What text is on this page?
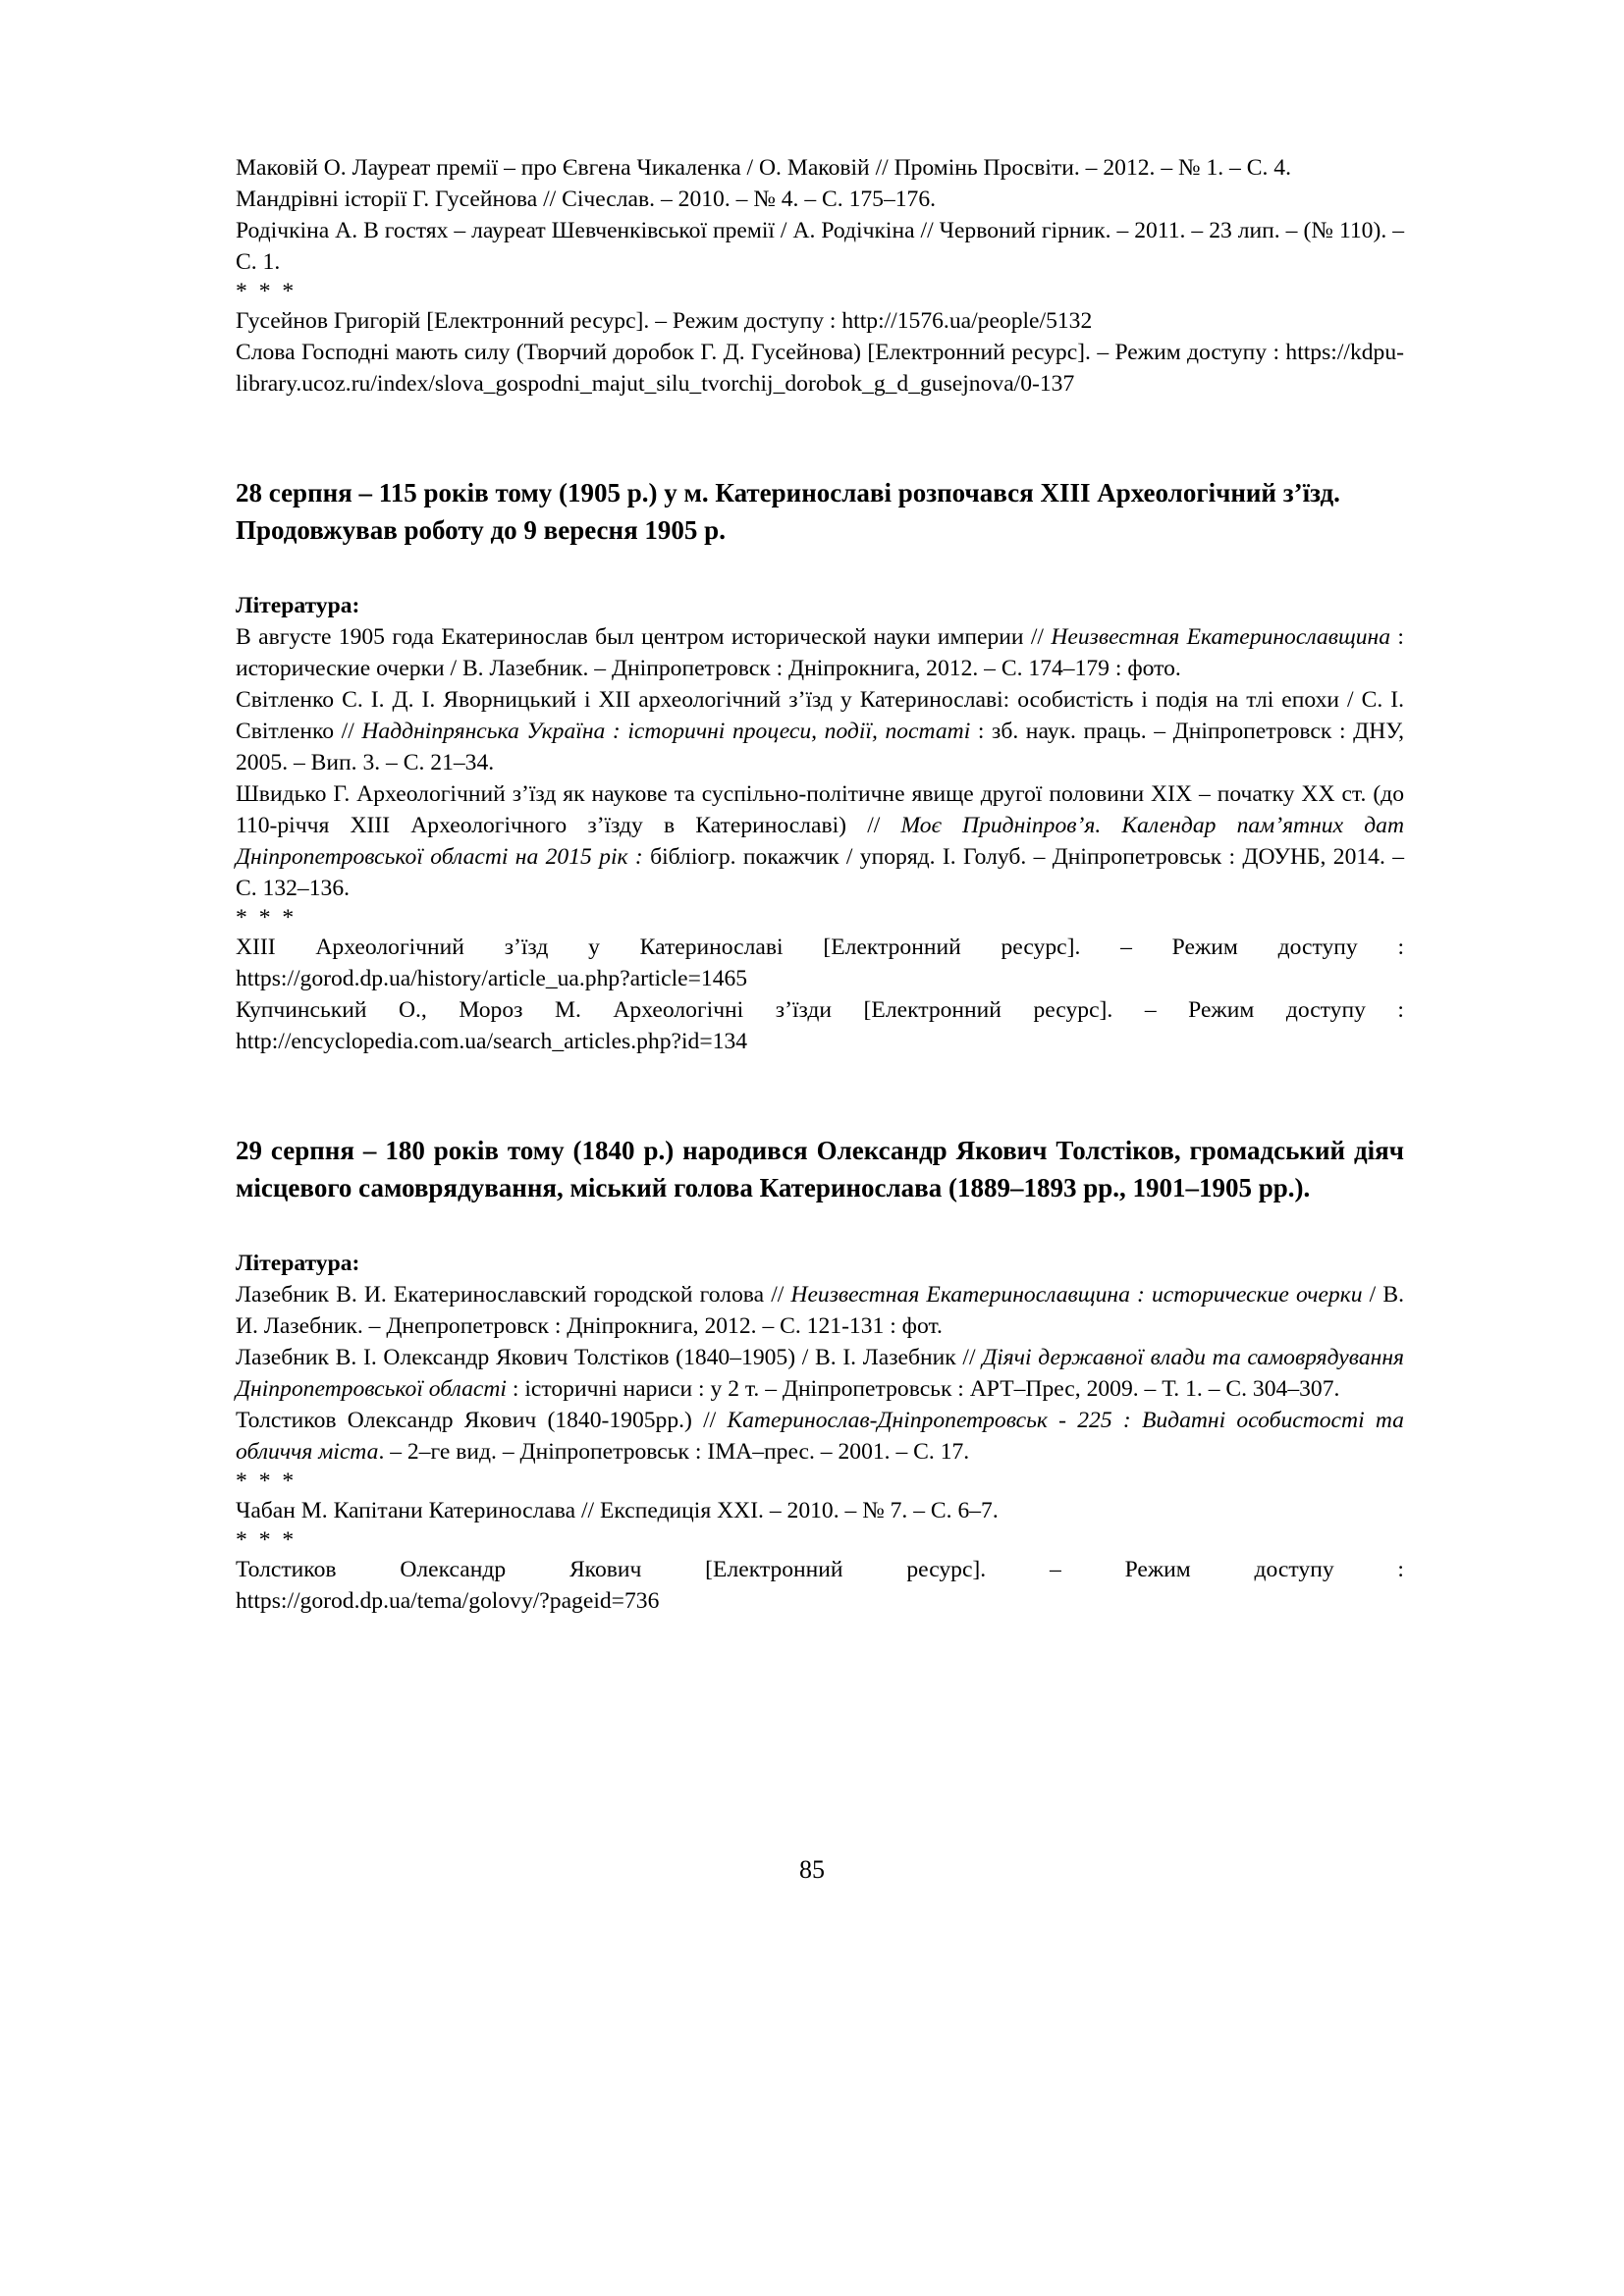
Маковій О. Лауреат премії – про Євгена Чикаленка / О. Маковій // Промінь Просвіти. – 2012. – № 1. – С. 4.

Мандрівні історії Г. Гусейнова // Січеслав. – 2010. – № 4. – С. 175–176.

Родічкіна А. В гостях – лауреат Шевченківської премії / А. Родічкіна // Червоний гірник. – 2011. – 23 лип. – (№ 110). – С. 1.

* * *

Гусейнов Григорій [Електронний ресурс]. – Режим доступу : http://1576.ua/people/5132

Слова Господні мають силу (Творчий доробок Г. Д. Гусейнова) [Електронний ресурс]. – Режим доступу : https://kdpu-library.ucoz.ru/index/slova_gospodni_majut_silu_tvorchij_dorobok_g_d_gusejnova/0-137

28 серпня – 115 років тому (1905 р.) у м. Катеринославі розпочався ХІІІ Археологічний з’їзд. Продовжував роботу до 9 вересня 1905 р.

Література:

В августе 1905 года Екатеринослав был центром исторической науки империи // Неизвестная Екатеринославщина : исторические очерки / В. Лазебник. – Дніпропетровск : Дніпрокнига, 2012. – С. 174–179 : фото.

Світленко С. І. Д. І. Яворницький і ХІІ археологічний з’їзд у Катеринославі: особистість і подія на тлі епохи / С. І. Світленко // Наддніпрянська Україна : історичні процеси, події, постаті : зб. наук. праць. – Дніпропетровск : ДНУ, 2005. – Вип. 3. – С. 21–34.

Швидько Г. Археологічний з’їзд як наукове та суспільно-політичне явище другої половини ХІХ – початку ХХ ст. (до 110-річчя ХІІІ Археологічного з’їзду в Катеринославі) // Моє Придніпров’я. Календар пам’ятних дат Дніпропетровської області на 2015 рік : бібліогр. покажчик / упоряд. І. Голуб. – Дніпропетровськ : ДОУНБ, 2014. – С. 132–136.

* * *

ХІІІ Археологічний з’їзд у Катеринославі [Електронний ресурс]. – Режим доступу :

https://gorod.dp.ua/history/article_ua.php?article=1465

Купчинський О., Мороз М. Археологічні з’їзди [Електронний ресурс]. – Режим доступу :

http://encyclopedia.com.ua/search_articles.php?id=134

29 серпня – 180 років тому (1840 р.) народився Олександр Якович Толстіков, громадський діяч місцевого самоврядування, міський голова Катеринослава (1889–1893 рр., 1901–1905 рр.).

Література:

Лазебник В. И. Екатеринославский городской голова // Неизвестная Екатеринославщина : исторические очерки / В. И. Лазебник. – Днепропетровск : Дніпрокнига, 2012. – С. 121-131 : фот.

Лазебник В. І. Олександр Якович Толстіков (1840–1905) / В. І. Лазебник // Діячі державної влади та самоврядування Дніпропетровської області : історичні нариси : у 2 т. – Дніпропетровськ : АРТ–Прес, 2009. – Т. 1. – С. 304–307.

Толстиков Олександр Якович (1840-1905рр.) // Катеринослав-Дніпропетровськ - 225 : Видатні особистості та обличчя міста. – 2–ге вид. – Дніпропетровськ : ІМА–прес. – 2001. – С. 17.

* * *

Чабан М. Капітани Катеринослава // Експедиція ХХІ. – 2010. – № 7. – С. 6–7.

* * *

Толстиков Олександр Якович [Електронний ресурс]. – Режим доступу :

https://gorod.dp.ua/tema/golovy/?pageid=736

85
